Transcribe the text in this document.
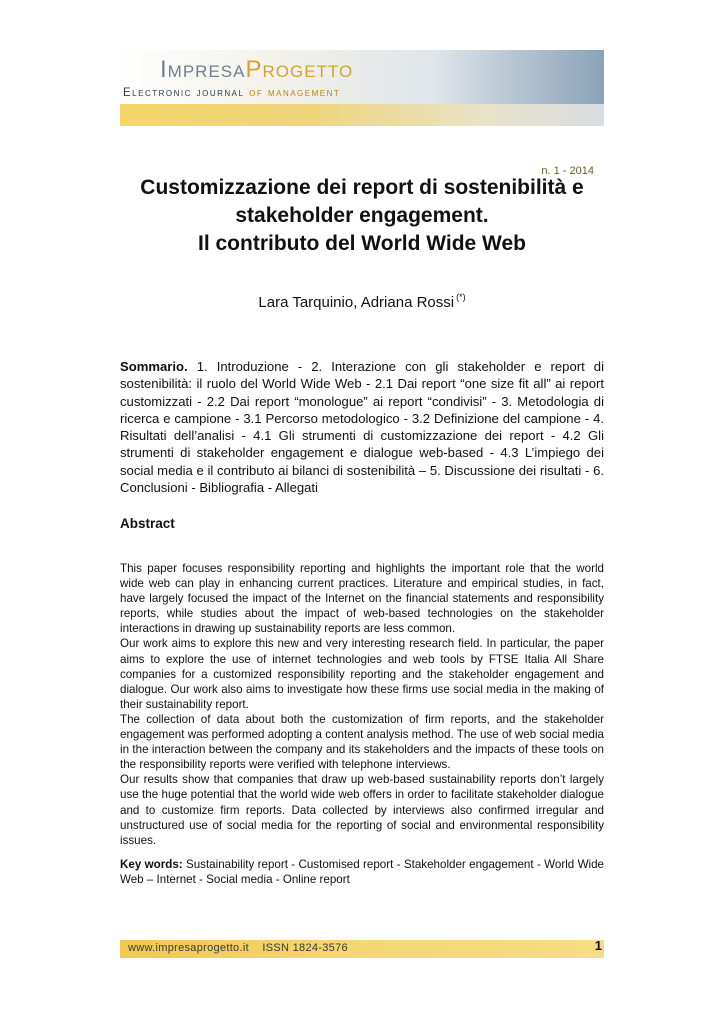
ImpresaProgetto
n. 1 - 2014
Electronic journal of management
Customizzazione dei report di sostenibilità e
stakeholder engagement.
Il contributo del World Wide Web
Lara Tarquinio, Adriana Rossi (*)
Sommario. 1. Introduzione - 2. Interazione con gli stakeholder e report di sostenibilità: il ruolo del World Wide Web - 2.1 Dai report “one size fit all” ai report customizzati - 2.2 Dai report “monologue” ai report “condivisi” - 3. Metodologia di ricerca e campione - 3.1 Percorso metodologico - 3.2 Definizione del campione - 4. Risultati dell’analisi - 4.1 Gli strumenti di customizzazione dei report - 4.2 Gli strumenti di stakeholder engagement e dialogue web-based - 4.3 L’impiego dei social media e il contributo ai bilanci di sostenibilità – 5. Discussione dei risultati - 6. Conclusioni - Bibliografia - Allegati
Abstract

This paper focuses responsibility reporting and highlights the important role that the world wide web can play in enhancing current practices. Literature and empirical studies, in fact, have largely focused the impact of the Internet on the financial statements and responsibility reports, while studies about the impact of web-based technologies on the stakeholder interactions in drawing up sustainability reports are less common.

Our work aims to explore this new and very interesting research field. In particular, the paper aims to explore the use of internet technologies and web tools by FTSE Italia All Share companies for a customized responsibility reporting and the stakeholder engagement and dialogue. Our work also aims to investigate how these firms use social media in the making of their sustainability report.

The collection of data about both the customization of firm reports, and the stakeholder engagement was performed adopting a content analysis method. The use of web social media in the interaction between the company and its stakeholders and the impacts of these tools on the responsibility reports were verified with telephone interviews.

Our results show that companies that draw up web-based sustainability reports don’t largely use the huge potential that the world wide web offers in order to facilitate stakeholder dialogue and to customize firm reports. Data collected by interviews also confirmed irregular and unstructured use of social media for the reporting of social and environmental responsibility issues.

Key words: Sustainability report - Customised report - Stakeholder engagement - World Wide Web – Internet - Social media - Online report
www.impresaprogetto.it ISSN 1824-3576	1
